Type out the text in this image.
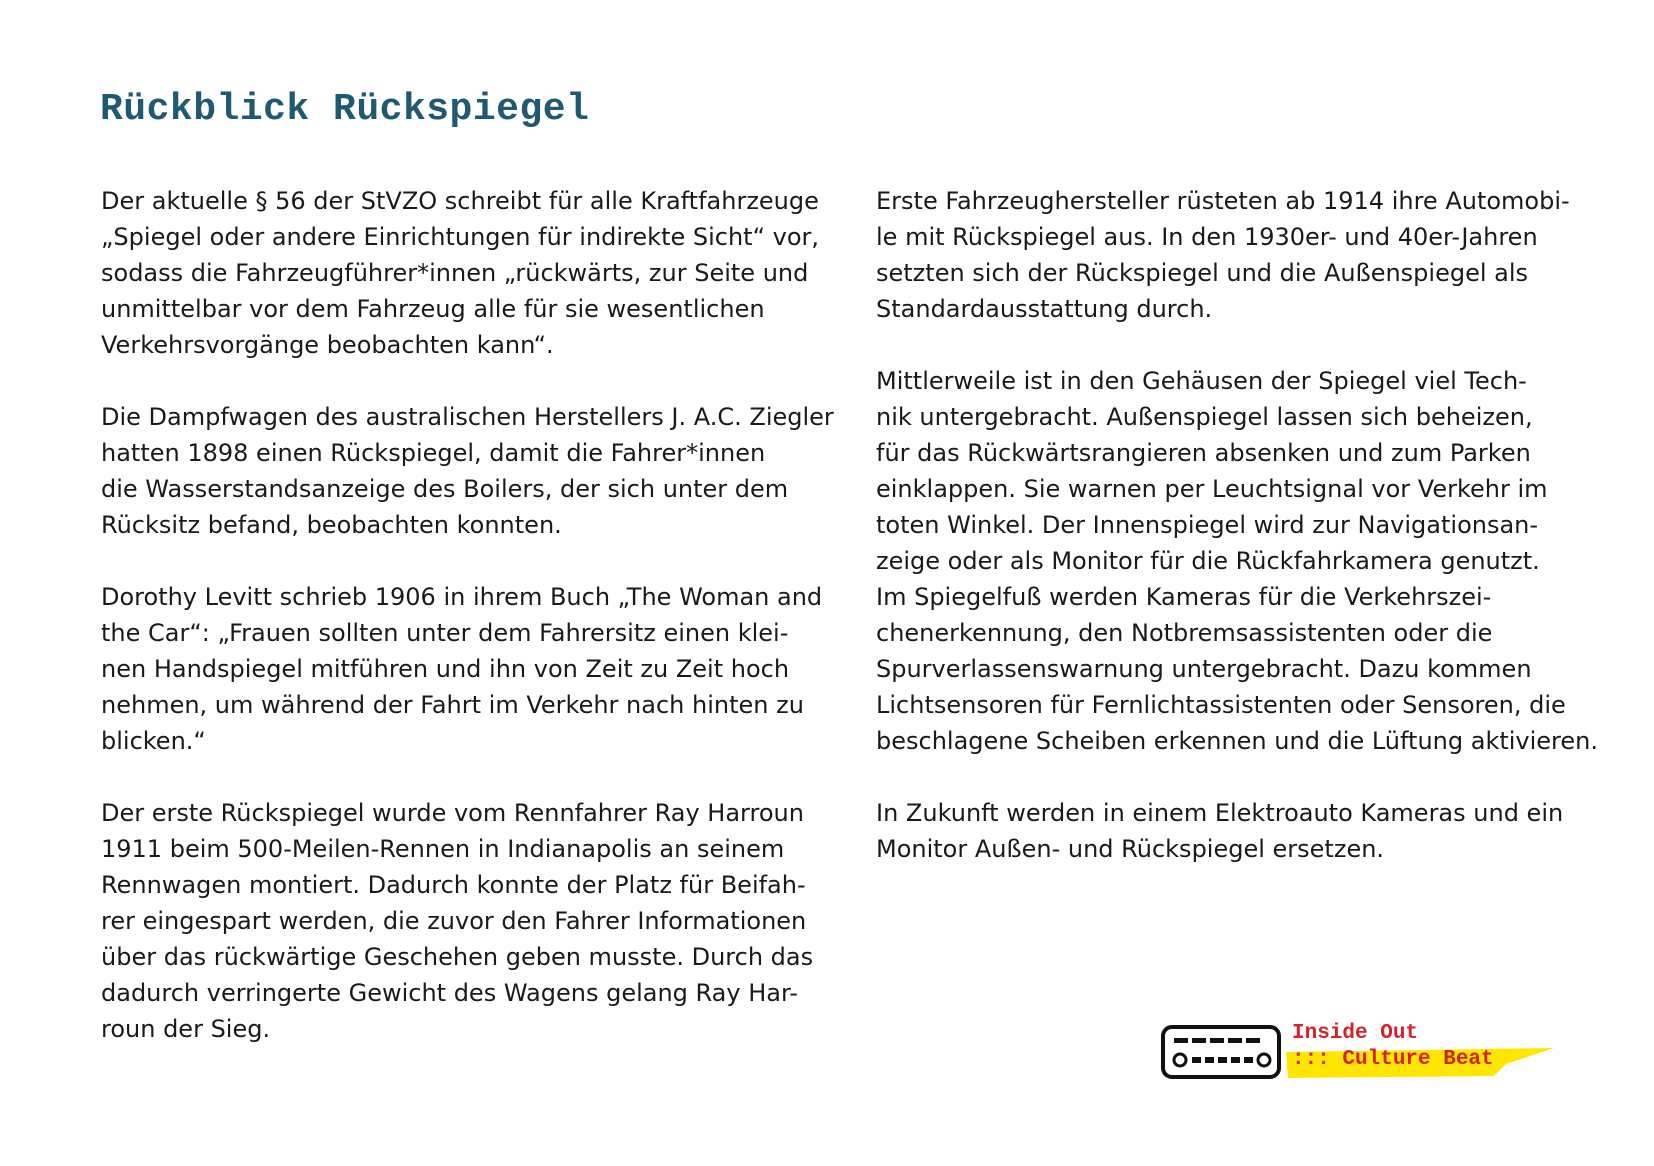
Rückblick Rückspiegel

Der aktuelle § 56 der StVZO schreibt für alle Kraftfahrzeuge
„Spiegel oder andere Einrichtungen für indirekte Sicht“ vor,
sodass die Fahrzeugführer*innen „rückwärts, zur Seite und
unmittelbar vor dem Fahrzeug alle für sie wesentlichen
Verkehrsvorgänge beobachten kann“.

Die Dampfwagen des australischen Herstellers J. A.C. Ziegler
hatten 1898 einen Rückspiegel, damit die Fahrer*innen
die Wasserstandsanzeige des Boilers, der sich unter dem
Rücksitz befand, beobachten konnten.

Dorothy Levitt schrieb 1906 in ihrem Buch „The Woman and
the Car“: „Frauen sollten unter dem Fahrersitz einen klei-
nen Handspiegel mitführen und ihn von Zeit zu Zeit hoch
nehmen, um während der Fahrt im Verkehr nach hinten zu
blicken.“

Der erste Rückspiegel wurde vom Rennfahrer Ray Harroun
1911 beim 500-Meilen-Rennen in Indianapolis an seinem
Rennwagen montiert. Dadurch konnte der Platz für Beifah-
rer eingespart werden, die zuvor den Fahrer Informationen
über das rückwärtige Geschehen geben musste. Durch das
dadurch verringerte Gewicht des Wagens gelang Ray Har-
roun der Sieg.

Erste Fahrzeughersteller rüsteten ab 1914 ihre Automobi-
le mit Rückspiegel aus. In den 1930er- und 40er-Jahren
setzten sich der Rückspiegel und die Außenspiegel als
Standardausstattung durch.

Mittlerweile ist in den Gehäusen der Spiegel viel Tech-
nik untergebracht. Außenspiegel lassen sich beheizen,
für das Rückwärtsrangieren absenken und zum Parken
einklappen. Sie warnen per Leuchtsignal vor Verkehr im
toten Winkel. Der Innenspiegel wird zur Navigationsan-
zeige oder als Monitor für die Rückfahrkamera genutzt.
Im Spiegelfuß werden Kameras für die Verkehrszei-
chenerkennung, den Notbremsassistenten oder die
Spurverlassenswarnung untergebracht. Dazu kommen
Lichtsensoren für Fernlichtassistenten oder Sensoren, die
beschlagene Scheiben erkennen und die Lüftung aktivieren.

In Zukunft werden in einem Elektroauto Kameras und ein
Monitor Außen- und Rückspiegel ersetzen.

Inside Out
::: Culture Beat
